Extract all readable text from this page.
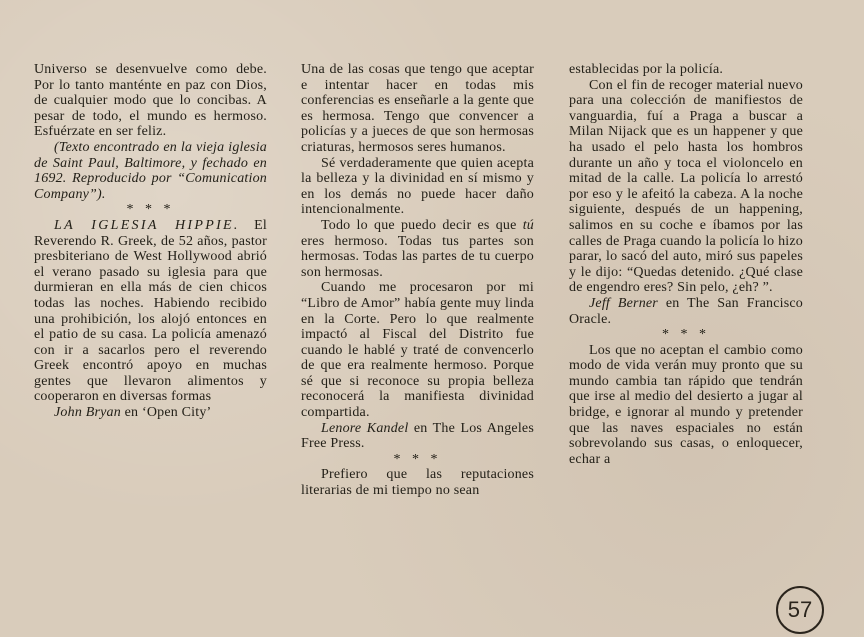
Universo se desenvuelve como debe. Por lo tanto manténte en paz con Dios, de cualquier modo que lo concibas. A pesar de todo, el mundo es hermoso. Esfuérzate en ser feliz.

(Texto encontrado en la vieja iglesia de Saint Paul, Baltimore, y fechado en 1692. Reproducido por “Comunication Company”).

* * *

LA IGLESIA HIPPIE. El Reverendo R. Greek, de 52 años, pastor presbiteriano de West Hollywood abrió el verano pasado su iglesia para que durmieran en ella más de cien chicos todas las noches. Habiendo recibido una prohibición, los alojó entonces en el patio de su casa. La policía amenazó con ir a sacarlos pero el reverendo Greek encontró apoyo en muchas gentes que llevaron alimentos y cooperaron en diversas formas

John Bryan en ‘Open City’

Una de las cosas que tengo que aceptar e intentar hacer en todas mis conferencias es enseñarle a la gente que es hermosa. Tengo que convencer a policías y a jueces de que son hermosas criaturas, hermosos seres humanos.

Sé verdaderamente que quien acepta la belleza y la divinidad en sí mismo y en los demás no puede hacer daño intencionalmente.

Todo lo que puedo decir es que tú eres hermoso. Todas tus partes son hermosas. Todas las partes de tu cuerpo son hermosas.

Cuando me procesaron por mi “Libro de Amor” había gente muy linda en la Corte. Pero lo que realmente impactó al Fiscal del Distrito fue cuando le hablé y traté de convencerlo de que era realmente hermoso. Porque sé que si reconoce su propia belleza reconocerá la manifiesta divinidad compartida.

Lenore Kandel en The Los Angeles Free Press.

* * *

Prefiero que las reputaciones literarias de mi tiempo no sean

establecidas por la policía.

Con el fin de recoger material nuevo para una colección de manifiestos de vanguardia, fuí a Praga a buscar a Milan Nijack que es un happener y que ha usado el pelo hasta los hombros durante un año y toca el violoncelo en mitad de la calle. La policía lo arrestó por eso y le afeitó la cabeza. A la noche siguiente, después de un happening, salimos en su coche e íbamos por las calles de Praga cuando la policía lo hizo parar, lo sacó del auto, miró sus papeles y le dijo: “Quedas detenido. ¿Qué clase de engendro eres? Sin pelo, ¿eh? ”.

Jeff Berner en The San Francisco Oracle.

* * *

Los que no aceptan el cambio como modo de vida verán muy pronto que su mundo cambia tan rápido que tendrán que irse al medio del desierto a jugar al bridge, e ignorar al mundo y pretender que las naves espaciales no están sobrevolando sus casas, o enloquecer, echar a

57
